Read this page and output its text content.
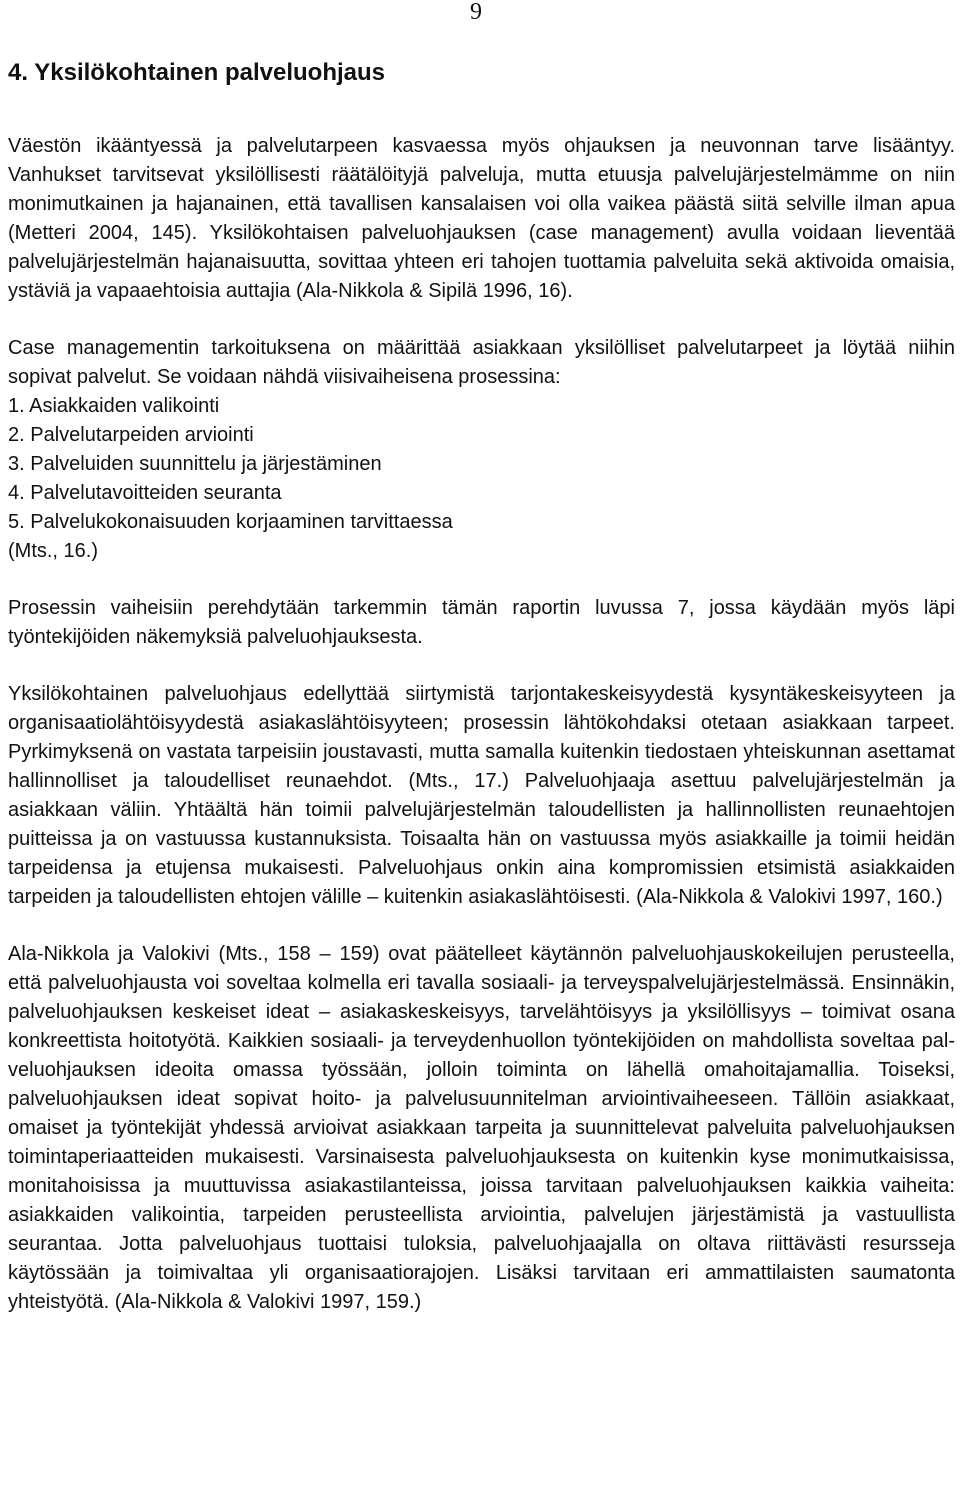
9
4. Yksilökohtainen palveluohjaus

Väestön ikääntyessä ja palvelutarpeen kasvaessa myös ohjauksen ja neuvonnan tarve lisääntyy. Vanhukset tarvitsevat yksilöllisesti räätälöityjä palveluja, mutta etuusja palvelujärjestelmämme on niin monimutkainen ja hajanainen, että tavallisen kansalaisen voi olla vaikea päästä siitä selville ilman apua (Metteri 2004, 145). Yksilökohtaisen palveluohjauksen (case management) avulla voidaan lieventää palvelujärjestelmän hajanaisuutta, sovittaa yhteen eri tahojen tuottamia palveluita sekä aktivoida omaisia, ystäviä ja vapaaehtoisia auttajia (Ala-Nikkola & Sipilä 1996, 16).

Case managementin tarkoituksena on määrittää asiakkaan yksilölliset palvelutarpeet ja löytää niihin sopivat palvelut. Se voidaan nähdä viisivaiheisena prosessina:

1. Asiakkaiden valikointi
2. Palvelutarpeiden arviointi
3. Palveluiden suunnittelu ja järjestäminen
4. Palvelutavoitteiden seuranta
5. Palvelukokonaisuuden korjaaminen tarvittaessa

(Mts., 16.)

Prosessin vaiheisiin perehdytään tarkemmin tämän raportin luvussa 7, jossa käydään myös läpi työntekijöiden näkemyksiä palveluohjauksesta.

Yksilökohtainen palveluohjaus edellyttää siirtymistä tarjontakeskeisyydestä kysyntäkeskeisyyteen ja organisaatiolähtöisyydestä asiakaslähtöisyyteen; prosessin lähtökohdaksi otetaan asiakkaan tarpeet. Pyrkimyksenä on vastata tarpeisiin joustavasti, mutta samalla kuitenkin tiedostaen yhteiskunnan asettamat hallinnolliset ja taloudelliset reunaehdot. (Mts., 17.) Palveluohjaaja asettuu palvelujärjestelmän ja asiakkaan väliin. Yhtäältä hän toimii palvelujärjestelmän taloudellisten ja hallinnollisten reunaehtojen puitteissa ja on vastuussa kustannuksista. Toisaalta hän on vastuussa myös asiakkaille ja toimii heidän tarpeidensa ja etujensa mukaisesti. Palveluohjaus onkin aina kompromissien etsimistä asiakkaiden tarpeiden ja taloudellisten ehtojen välille – kuitenkin asiakaslähtöisesti. (Ala-Nikkola & Valokivi 1997, 160.)

Ala-Nikkola ja Valokivi (Mts., 158 – 159) ovat päätelleet käytännön palveluohjauskokeilujen perusteella, että palveluohjausta voi soveltaa kolmella eri tavalla sosiaali- ja terveyspalvelujärjestelmässä. Ensinnäkin, palveluohjauksen keskeiset ideat – asiakaskeskeisyys, tarvelähtöisyys ja yksilöllisyys – toimivat osana konkreettista hoitotyötä. Kaikkien sosiaali- ja terveydenhuollon työntekijöiden on mahdollista soveltaa palveluohjauksen ideoita omassa työssään, jolloin toiminta on lähellä omahoitajamallia. Toiseksi, palveluohjauksen ideat sopivat hoito- ja palvelusuunnitelman arviointivaiheeseen. Tällöin asiakkaat, omaiset ja työntekijät yhdessä arvioivat asiakkaan tarpeita ja suunnittelevat palveluita palveluohjauksen toimintaperiaatteiden mukaisesti. Varsinaisesta palveluohjauksesta on kuitenkin kyse monimutkaisissa, monitahoisissa ja muuttuvissa asiakastilanteissa, joissa tarvitaan palveluohjauksen kaikkia vaiheita: asiakkaiden valikointia, tarpeiden perusteellista arviointia, palvelujen järjestämistä ja vastuullista seurantaa. Jotta palveluohjaus tuottaisi tuloksia, palveluohjaajalla on oltava riittävästi resursseja käytössään ja toimivaltaa yli organisaatiorajojen. Lisäksi tarvitaan eri ammattilaisten saumatonta yhteistyötä. (Ala-Nikkola & Valokivi 1997, 159.)
